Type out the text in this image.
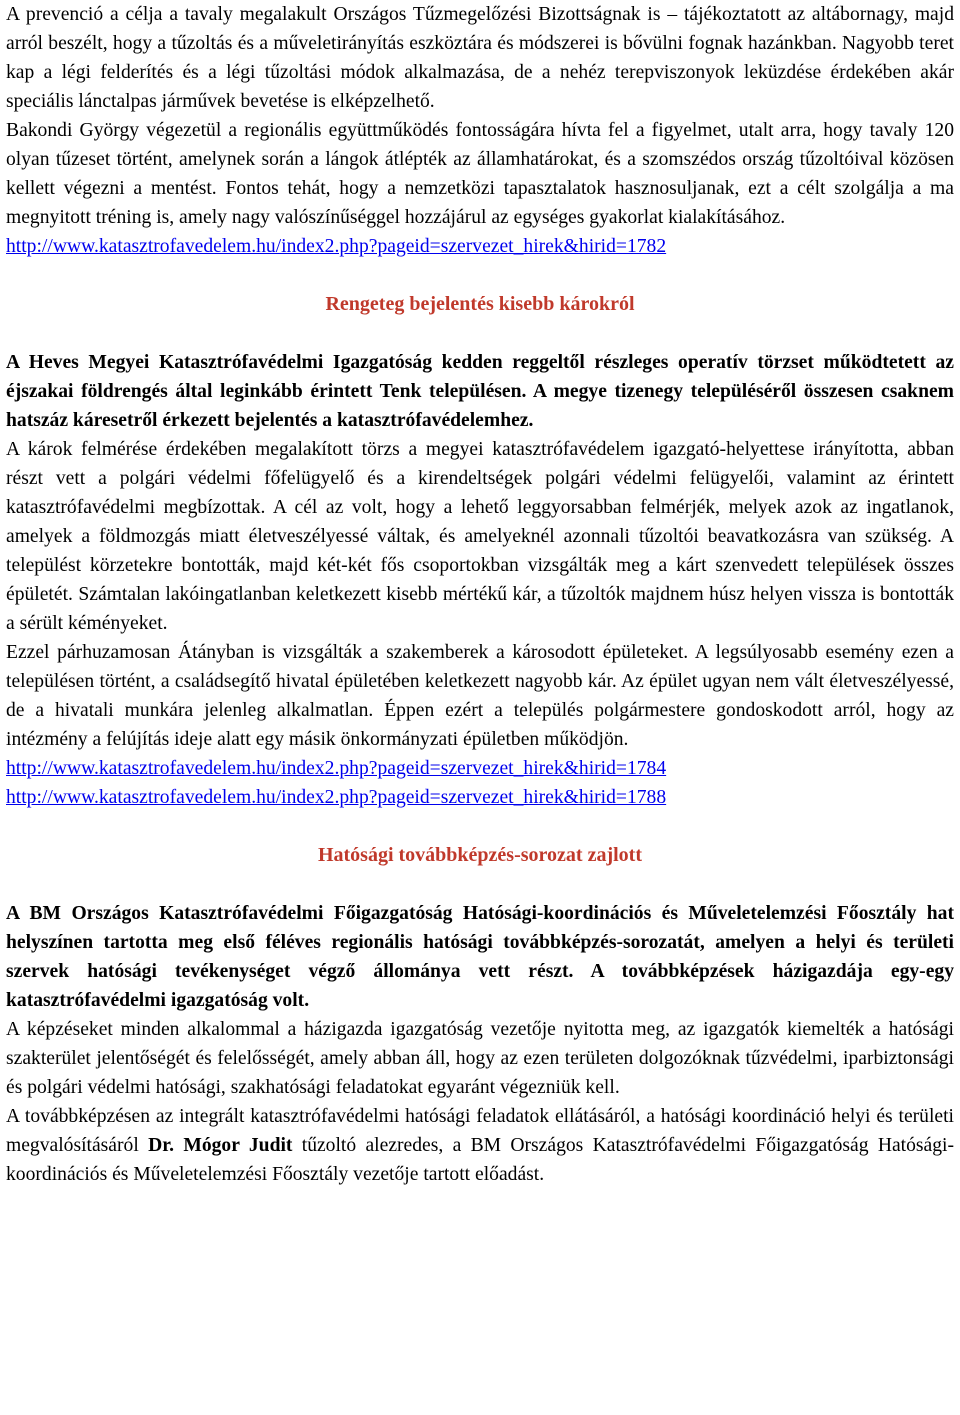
A prevenció a célja a tavaly megalakult Országos Tűzmegelőzési Bizottságnak is – tájékoztatott az altábornagy, majd arról beszélt, hogy a tűzoltás és a műveletirányítás eszköztára és módszerei is bővülni fognak hazánkban. Nagyobb teret kap a légi felderítés és a légi tűzoltási módok alkalmazása, de a nehéz terepviszonyok leküzdése érdekében akár speciális lánctalpas járművek bevetése is elképzelhető.

Bakondi György végezetül a regionális együttműködés fontosságára hívta fel a figyelmet, utalt arra, hogy tavaly 120 olyan tűzeset történt, amelynek során a lángok átlépték az államhatárokat, és a szomszédos ország tűzoltóival közösen kellett végezni a mentést. Fontos tehát, hogy a nemzetközi tapasztalatok hasznosuljanak, ezt a célt szolgálja a ma megnyitott tréning is, amely nagy valószínűséggel hozzájárul az egységes gyakorlat kialakításához.

http://www.katasztrofavedelem.hu/index2.php?pageid=szervezet_hirek&hirid=1782
Rengeteg bejelentés kisebb károkról

A Heves Megyei Katasztrófavédelmi Igazgatóság kedden reggeltől részleges operatív törzset működtetett az éjszakai földrengés által leginkább érintett Tenk településen. A megye tizenegy településéről összesen csaknem hatszáz káresetről érkezett bejelentés a katasztrófavédelemhez.

A károk felmérése érdekében megalakított törzs a megyei katasztrófavédelem igazgató-helyettese irányította, abban részt vett a polgári védelmi főfelügyelő és a kirendeltségek polgári védelmi felügyelői, valamint az érintett katasztrófavédelmi megbízottak. A cél az volt, hogy a lehető leggyorsabban felmérjék, melyek azok az ingatlanok, amelyek a földmozgás miatt életveszélyessé váltak, és amelyeknél azonnali tűzoltói beavatkozásra van szükség. A települést körzetekre bontották, majd két-két fős csoportokban vizsgálták meg a kárt szenvedett települések összes épületét. Számtalan lakóingatlanban keletkezett kisebb mértékű kár, a tűzoltók majdnem húsz helyen vissza is bontották a sérült kéményeket.

Ezzel párhuzamosan Átányban is vizsgálták a szakemberek a károsodott épületeket. A legsúlyosabb esemény ezen a településen történt, a családsegítő hivatal épületében keletkezett nagyobb kár. Az épület ugyan nem vált életveszélyessé, de a hivatali munkára jelenleg alkalmatlan. Éppen ezért a település polgármestere gondoskodott arról, hogy az intézmény a felújítás ideje alatt egy másik önkormányzati épületben működjön.

http://www.katasztrofavedelem.hu/index2.php?pageid=szervezet_hirek&hirid=1784
http://www.katasztrofavedelem.hu/index2.php?pageid=szervezet_hirek&hirid=1788
Hatósági továbbképzés-sorozat zajlott

A BM Országos Katasztrófavédelmi Főigazgatóság Hatósági-koordinációs és Műveletelemzési Főosztály hat helyszínen tartotta meg első féléves regionális hatósági továbbképzés-sorozatát, amelyen a helyi és területi szervek hatósági tevékenységet végző állománya vett részt. A továbbképzések házigazdája egy-egy katasztrófavédelmi igazgatóság volt.

A képzéseket minden alkalommal a házigazda igazgatóság vezetője nyitotta meg, az igazgatók kiemelték a hatósági szakterület jelentőségét és felelősségét, amely abban áll, hogy az ezen területen dolgozóknak tűzvédelmi, iparbiztonsági és polgári védelmi hatósági, szakhatósági feladatokat egyaránt végezniük kell.

A továbbképzésen az integrált katasztrófavédelmi hatósági feladatok ellátásáról, a hatósági koordináció helyi és területi megvalósításáról Dr. Mógor Judit tűzoltó alezredes, a BM Országos Katasztrófavédelmi Főigazgatóság Hatósági-koordinációs és Műveletelemzési Főosztály vezetője tartott előadást.
